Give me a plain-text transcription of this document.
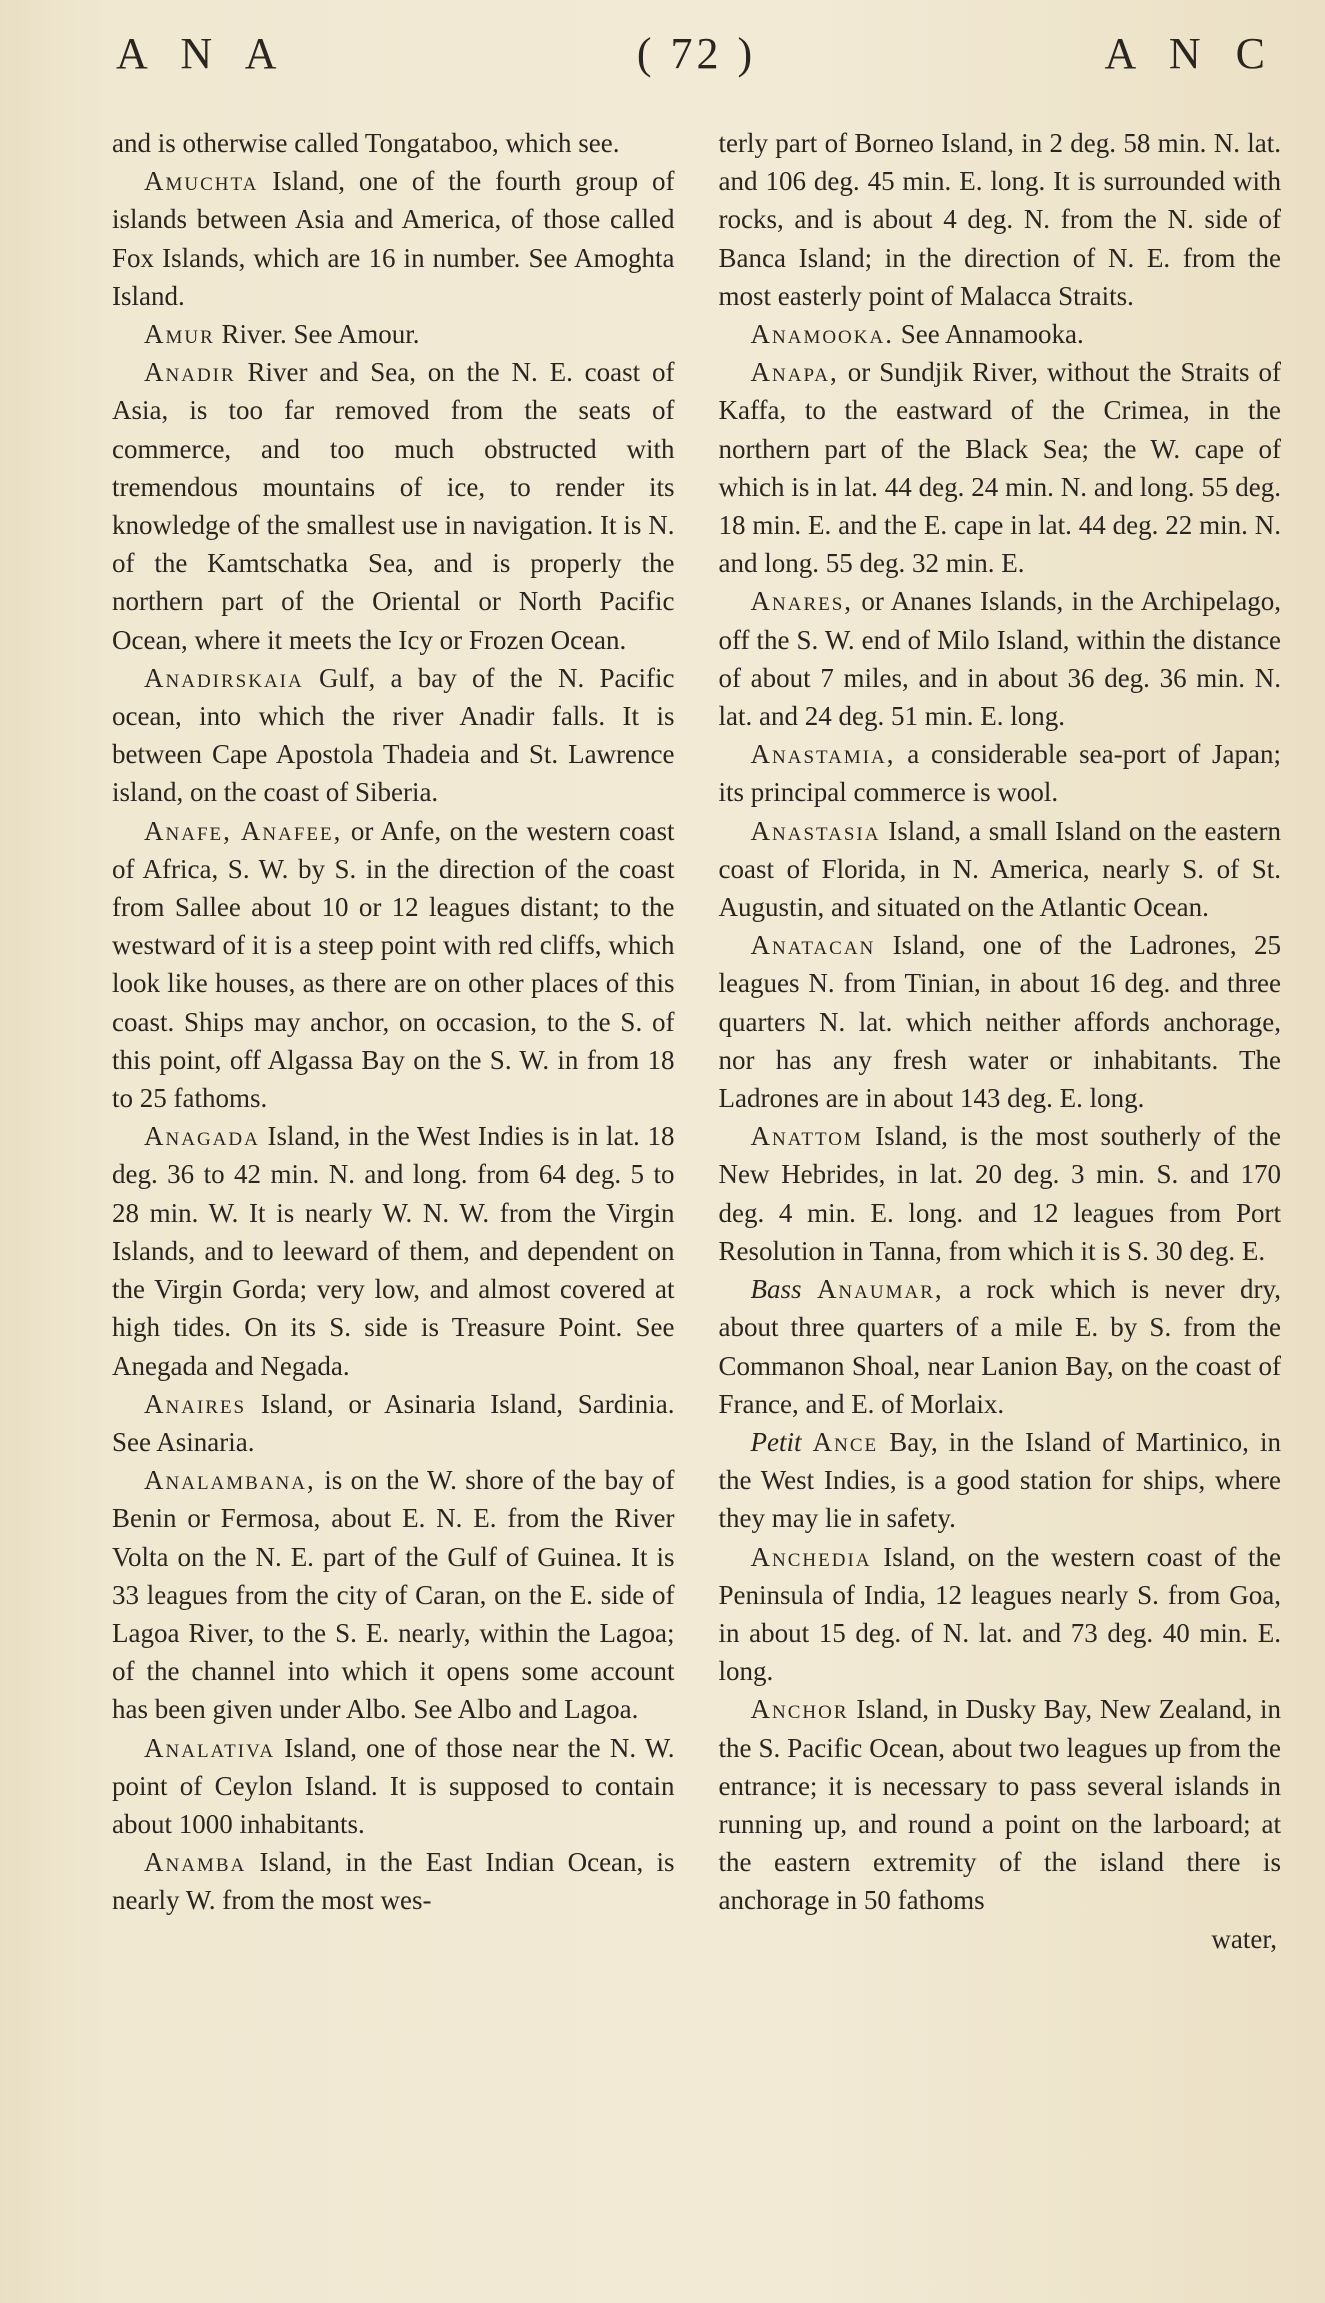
A N A	( 72 )	A N C

and is otherwise called Tongataboo, which see.

Amuchta Island, one of the fourth group of islands between Asia and America, of those called Fox Islands, which are 16 in number. See Amoghta Island.

Amur River. See Amour.

Anadir River and Sea, on the N. E. coast of Asia, is too far removed from the seats of commerce, and too much obstructed with tremendous mountains of ice, to render its knowledge of the smallest use in navigation. It is N. of the Kamtschatka Sea, and is properly the northern part of the Oriental or North Pacific Ocean, where it meets the Icy or Frozen Ocean.

Anadirskaia Gulf, a bay of the N. Pacific ocean, into which the river Anadir falls. It is between Cape Apostola Thadeia and St. Lawrence island, on the coast of Siberia.

Anafe, Anafee, or Anfe, on the western coast of Africa, S. W. by S. in the direction of the coast from Sallee about 10 or 12 leagues distant; to the westward of it is a steep point with red cliffs, which look like houses, as there are on other places of this coast. Ships may anchor, on occasion, to the S. of this point, off Algassa Bay on the S. W. in from 18 to 25 fathoms.

Anagada Island, in the West Indies is in lat. 18 deg. 36 to 42 min. N. and long. from 64 deg. 5 to 28 min. W. It is nearly W. N. W. from the Virgin Islands, and to leeward of them, and dependent on the Virgin Gorda; very low, and almost covered at high tides. On its S. side is Treasure Point. See Anegada and Negada.

Anaires Island, or Asinaria Island, Sardinia. See Asinaria.

Analambana, is on the W. shore of the bay of Benin or Fermosa, about E. N. E. from the River Volta on the N. E. part of the Gulf of Guinea. It is 33 leagues from the city of Caran, on the E. side of Lagoa River, to the S. E. nearly, within the Lagoa; of the channel into which it opens some account has been given under Albo. See Albo and Lagoa.

Analativa Island, one of those near the N. W. point of Ceylon Island. It is supposed to contain about 1000 inhabitants.

Anamba Island, in the East Indian Ocean, is nearly W. from the most wes-

terly part of Borneo Island, in 2 deg. 58 min. N. lat. and 106 deg. 45 min. E. long. It is surrounded with rocks, and is about 4 deg. N. from the N. side of Banca Island; in the direction of N. E. from the most easterly point of Malacca Straits.

Anamooka. See Annamooka.

Anapa, or Sundjik River, without the Straits of Kaffa, to the eastward of the Crimea, in the northern part of the Black Sea; the W. cape of which is in lat. 44 deg. 24 min. N. and long. 55 deg. 18 min. E. and the E. cape in lat. 44 deg. 22 min. N. and long. 55 deg. 32 min. E.

Anares, or Ananes Islands, in the Archipelago, off the S. W. end of Milo Island, within the distance of about 7 miles, and in about 36 deg. 36 min. N. lat. and 24 deg. 51 min. E. long.

Anastamia, a considerable sea-port of Japan; its principal commerce is wool.

Anastasia Island, a small Island on the eastern coast of Florida, in N. America, nearly S. of St. Augustin, and situated on the Atlantic Ocean.

Anatacan Island, one of the Ladrones, 25 leagues N. from Tinian, in about 16 deg. and three quarters N. lat. which neither affords anchorage, nor has any fresh water or inhabitants. The Ladrones are in about 143 deg. E. long.

Anattom Island, is the most southerly of the New Hebrides, in lat. 20 deg. 3 min. S. and 170 deg. 4 min. E. long. and 12 leagues from Port Resolution in Tanna, from which it is S. 30 deg. E.

Bass Anaumar, a rock which is never dry, about three quarters of a mile E. by S. from the Commanon Shoal, near Lanion Bay, on the coast of France, and E. of Morlaix.

Petit Ance Bay, in the Island of Martinico, in the West Indies, is a good station for ships, where they may lie in safety.

Anchedia Island, on the western coast of the Peninsula of India, 12 leagues nearly S. from Goa, in about 15 deg. of N. lat. and 73 deg. 40 min. E. long.

Anchor Island, in Dusky Bay, New Zealand, in the S. Pacific Ocean, about two leagues up from the entrance; it is necessary to pass several islands in running up, and round a point on the larboard; at the eastern extremity of the island there is anchorage in 50 fathoms

water,
